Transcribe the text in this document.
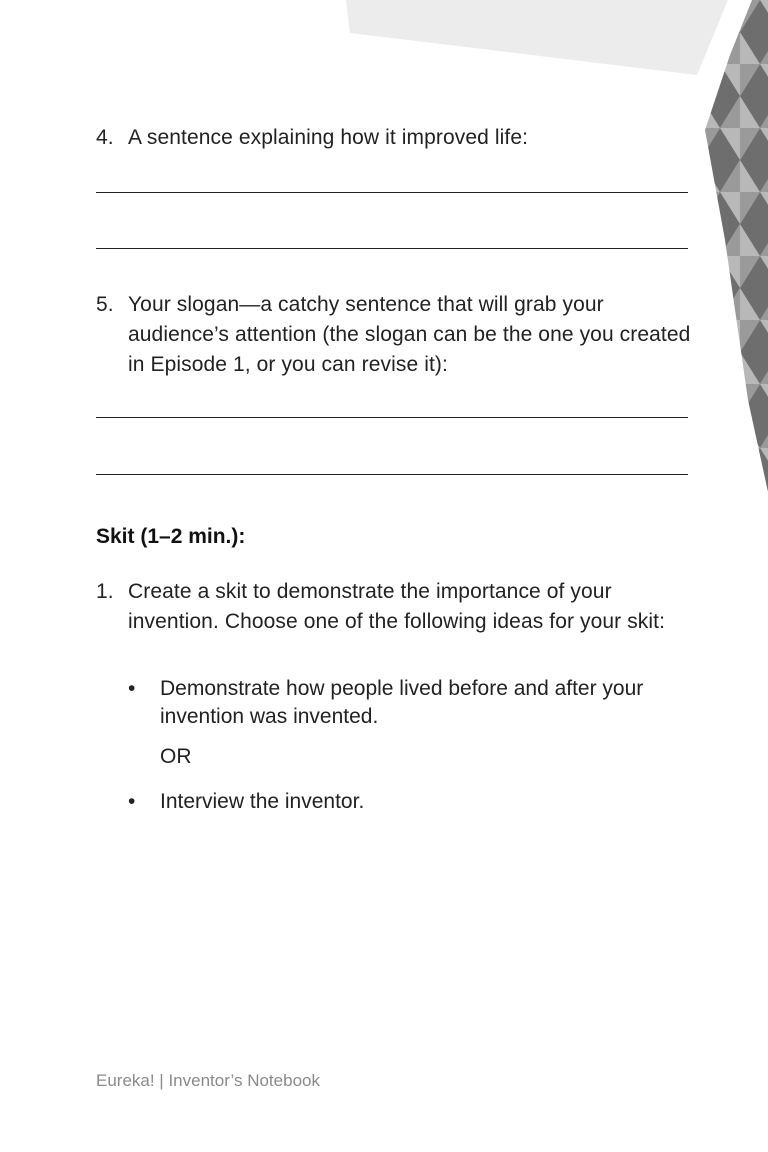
4. A sentence explaining how it improved life:
5. Your slogan—a catchy sentence that will grab your audience’s attention (the slogan can be the one you created in Episode 1, or you can revise it):
Skit (1–2 min.):
1. Create a skit to demonstrate the importance of your invention. Choose one of the following ideas for your skit:
• Demonstrate how people lived before and after your invention was invented.
OR
• Interview the inventor.
Eureka! | Inventor’s Notebook
